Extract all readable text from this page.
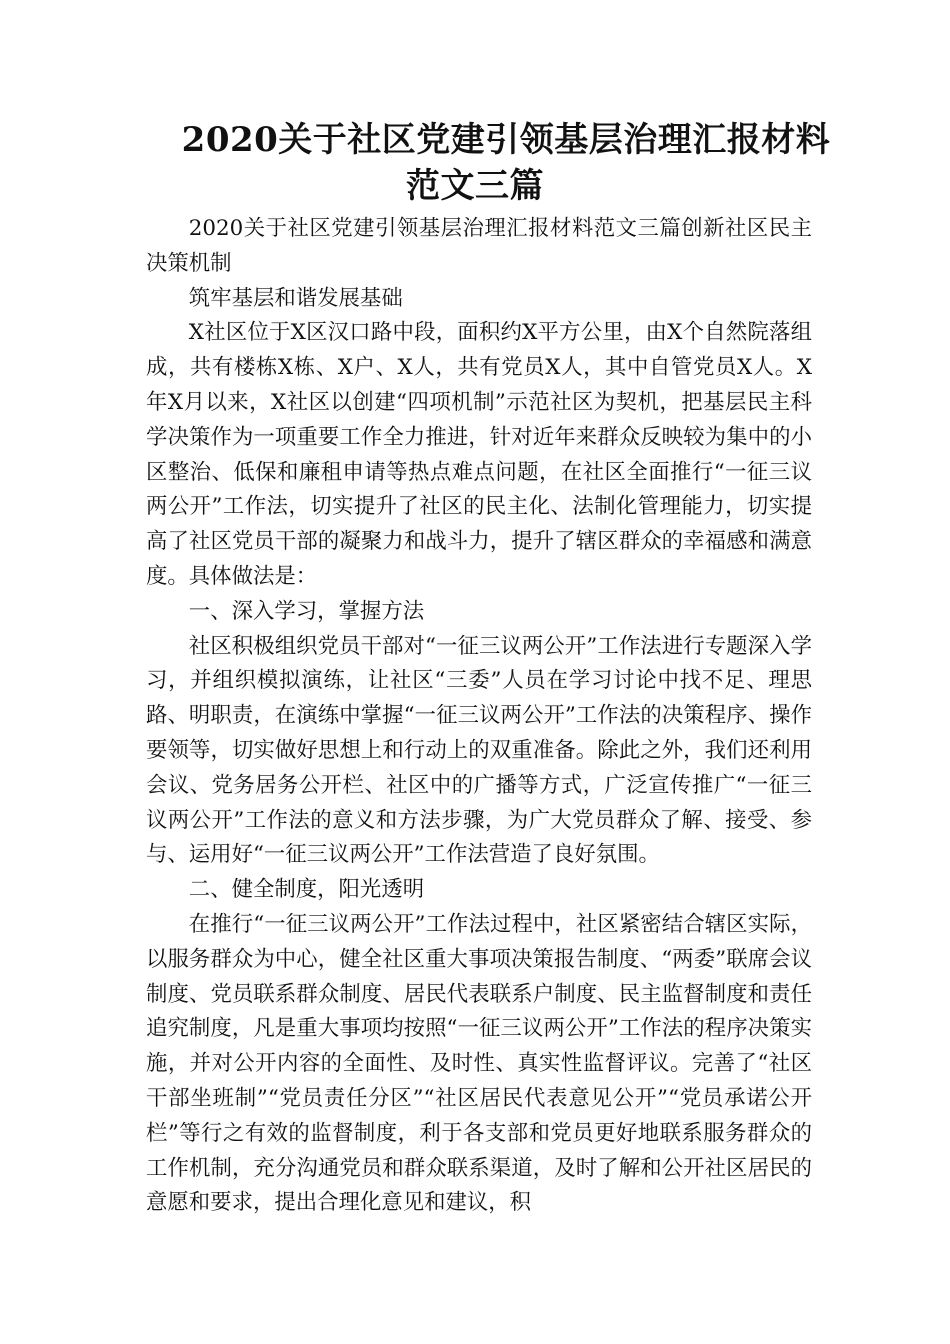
2020关于社区党建引领基层治理汇报材料
范文三篇

2020关于社区党建引领基层治理汇报材料范文三篇创新社区民主决策机制

筑牢基层和谐发展基础

X社区位于X区汉口路中段，面积约X平方公里，由X个自然院落组成，共有楼栋X栋、X户、X人，共有党员X人，其中自管党员X人。X年X月以来，X社区以创建“四项机制”示范社区为契机，把基层民主科学决策作为一项重要工作全力推进，针对近年来群众反映较为集中的小区整治、低保和廉租申请等热点难点问题，在社区全面推行“一征三议两公开”工作法，切实提升了社区的民主化、法制化管理能力，切实提高了社区党员干部的凝聚力和战斗力，提升了辖区群众的幸福感和满意度。具体做法是：

一、深入学习，掌握方法

社区积极组织党员干部对“一征三议两公开”工作法进行专题深入学习，并组织模拟演练，让社区“三委”人员在学习讨论中找不足、理思路、明职责，在演练中掌握“一征三议两公开”工作法的决策程序、操作要领等，切实做好思想上和行动上的双重准备。除此之外，我们还利用会议、党务居务公开栏、社区中的广播等方式，广泛宣传推广“一征三议两公开”工作法的意义和方法步骤，为广大党员群众了解、接受、参与、运用好“一征三议两公开”工作法营造了良好氛围。

二、健全制度，阳光透明

在推行“一征三议两公开”工作法过程中，社区紧密结合辖区实际，以服务群众为中心，健全社区重大事项决策报告制度、“两委”联席会议制度、党员联系群众制度、居民代表联系户制度、民主监督制度和责任追究制度，凡是重大事项均按照“一征三议两公开”工作法的程序决策实施，并对公开内容的全面性、及时性、真实性监督评议。完善了“社区干部坐班制”“党员责任分区”“社区居民代表意见公开”“党员承诺公开栏”等行之有效的监督制度，利于各支部和党员更好地联系服务群众的工作机制，充分沟通党员和群众联系渠道，及时了解和公开社区居民的意愿和要求，提出合理化意见和建议，积
